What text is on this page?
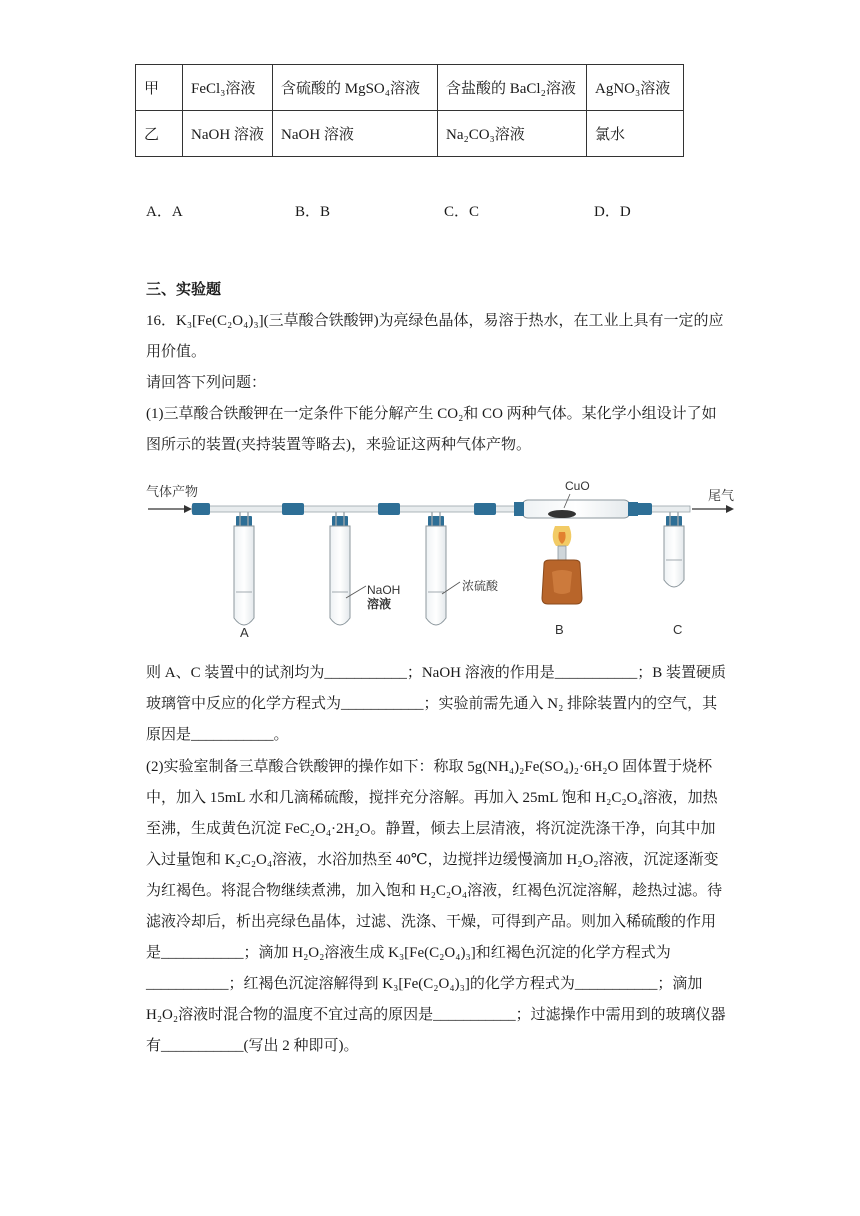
甲	FeCl₃溶液	含硫酸的 MgSO₄溶液	含盐酸的 BaCl₂溶液	AgNO₃溶液
乙	NaOH 溶液	NaOH 溶液	Na₂CO₃溶液	氯水
A．A	B．B	C．C	D．D
三、实验题

16．K₃[Fe(C₂O₄)₃](三草酸合铁酸钾)为亮绿色晶体，易溶于热水，在工业上具有一定的应用价值。

请回答下列问题：

(1)三草酸合铁酸钾在一定条件下能分解产生 CO₂和 CO 两种气体。某化学小组设计了如图所示的装置(夹持装置等略去)，来验证这两种气体产物。

气体产物
A
NaOH
溶液
浓硫酸
CuO
B	C
尾气

则 A、C 装置中的试剂均为___________；NaOH 溶液的作用是___________；B 装置硬质玻璃管中反应的化学方程式为___________；实验前需先通入 N₂ 排除装置内的空气，其原因是___________。

(2)实验室制备三草酸合铁酸钾的操作如下：称取 5g(NH₄)₂Fe(SO₄)₂·6H₂O 固体置于烧杯中，加入 15mL 水和几滴稀硫酸，搅拌充分溶解。再加入 25mL 饱和 H₂C₂O₄溶液，加热至沸，生成黄色沉淀 FeC₂O₄·2H₂O。静置，倾去上层清液，将沉淀洗涤干净，向其中加入过量饱和 K₂C₂O₄溶液，水浴加热至 40℃，边搅拌边缓慢滴加 H₂O₂溶液，沉淀逐渐变为红褐色。将混合物继续煮沸，加入饱和 H₂C₂O₄溶液，红褐色沉淀溶解，趁热过滤。待滤液冷却后，析出亮绿色晶体，过滤、洗涤、干燥，可得到产品。则加入稀硫酸的作用是___________；滴加 H₂O₂溶液生成 K₃[Fe(C₂O₄)₃]和红褐色沉淀的化学方程式为___________；红褐色沉淀溶解得到 K₃[Fe(C₂O₄)₃]的化学方程式为___________；滴加 H₂O₂溶液时混合物的温度不宜过高的原因是___________；过滤操作中需用到的玻璃仪器有___________(写出 2 种即可)。
